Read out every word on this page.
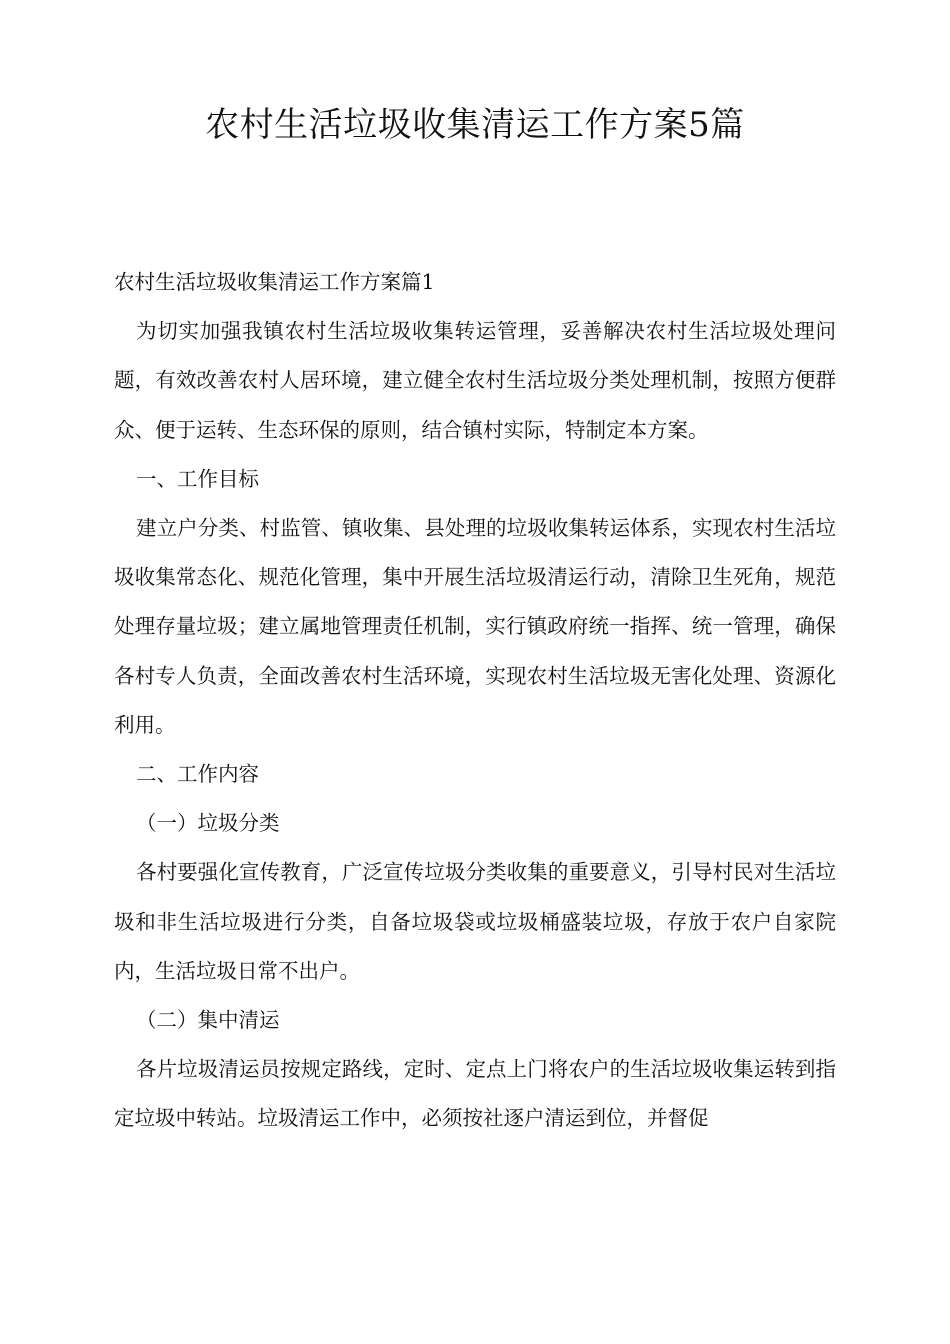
农村生活垃圾收集清运工作方案5篇

农村生活垃圾收集清运工作方案篇1

为切实加强我镇农村生活垃圾收集转运管理，妥善解决农村生活垃圾处理问题，有效改善农村人居环境，建立健全农村生活垃圾分类处理机制，按照方便群众、便于运转、生态环保的原则，结合镇村实际，特制定本方案。

一、工作目标

建立户分类、村监管、镇收集、县处理的垃圾收集转运体系，实现农村生活垃圾收集常态化、规范化管理，集中开展生活垃圾清运行动，清除卫生死角，规范处理存量垃圾；建立属地管理责任机制，实行镇政府统一指挥、统一管理，确保各村专人负责，全面改善农村生活环境，实现农村生活垃圾无害化处理、资源化利用。

二、工作内容

（一）垃圾分类

各村要强化宣传教育，广泛宣传垃圾分类收集的重要意义，引导村民对生活垃圾和非生活垃圾进行分类，自备垃圾袋或垃圾桶盛装垃圾，存放于农户自家院内，生活垃圾日常不出户。

（二）集中清运

各片垃圾清运员按规定路线，定时、定点上门将农户的生活垃圾收集运转到指定垃圾中转站。垃圾清运工作中，必须按社逐户清运到位，并督促
